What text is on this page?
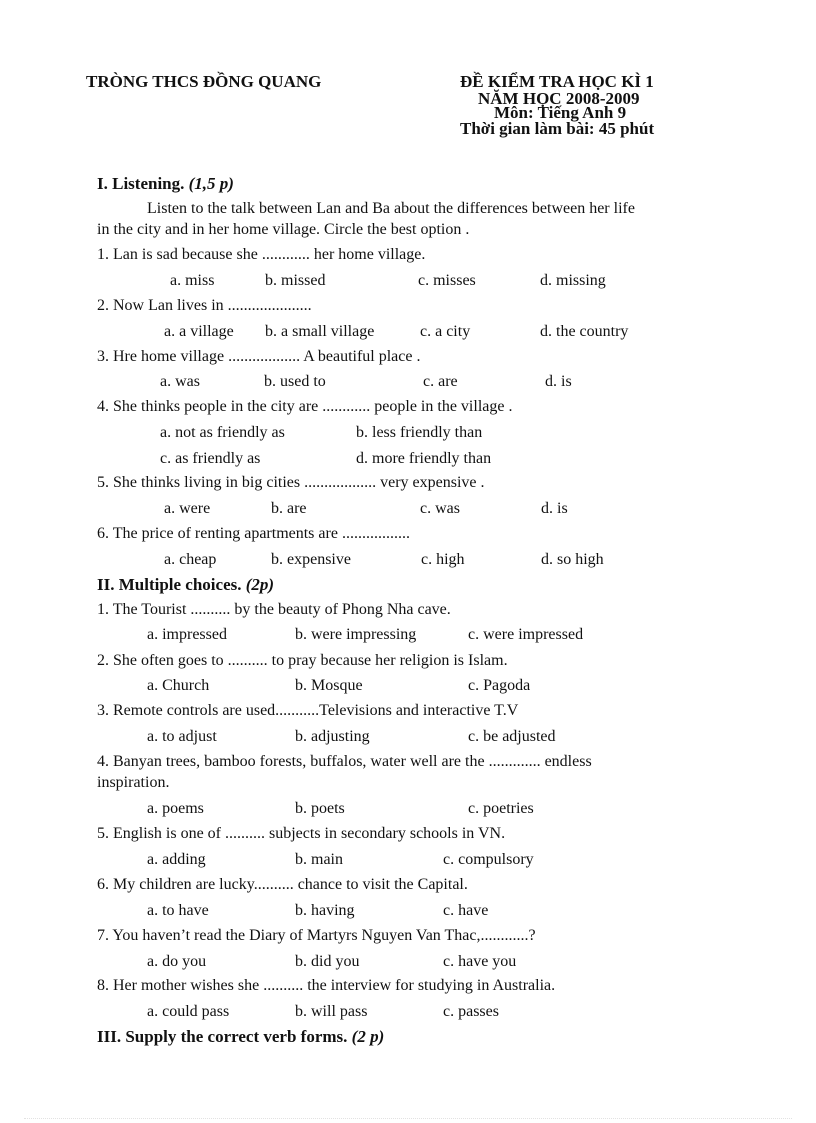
TRÒNG THCS ĐỒNG QUANG	ĐỀ KIỂM TRA HỌC KÌ 1
NĂM HỌC 2008-2009
Môn: Tiếng Anh 9
Thời gian làm bài: 45 phút
I. Listening. (1,5 p)
Listen to the talk between Lan and Ba about the differences between her life
in the city and in her home village. Circle the best option .
1. Lan is sad because she ............ her home village.
a. miss	b. missed	c. misses	d. missing
2. Now Lan lives in .....................
a. a village b. a small village	c. a city	d. the country
3. Hre home village .................. A beautiful place .
a. was	b. used to	c. are	d. is
4. She thinks people in the city are ............ people in the village .
a. not as friendly as	b. less friendly than
c. as friendly as	d. more friendly than
5. She thinks living in big cities .................. very expensive .
a. were	b. are	c. was	d. is
6. The price of renting apartments are .................
a. cheap	b. expensive	c. high	d. so high
II. Multiple choices. (2p)
1. The Tourist .......... by the beauty of Phong Nha cave.
a. impressed	b. were impressing	c. were impressed
2. She often goes to .......... to pray because her religion is Islam.
a. Church	b. Mosque	c. Pagoda
3. Remote controls are used...........Televisions and interactive T.V
a. to adjust	b. adjusting	c. be adjusted
4. Banyan trees, bamboo forests, buffalos, water well are the ............. endless
inspiration.
a. poems	b. poets	c. poetries
5. English is one of .......... subjects in secondary schools in VN.
a. adding	b. main	c. compulsory
6. My children are lucky.......... chance to visit the Capital.
a. to have	b. having	c. have
7. You haven’t read the Diary of Martyrs Nguyen Van Thac,............?
a. do you	b. did you	c. have you
8. Her mother wishes she .......... the interview for studying in Australia.
a. could pass	b. will pass	c. passes
III. Supply the correct verb forms. (2 p)
